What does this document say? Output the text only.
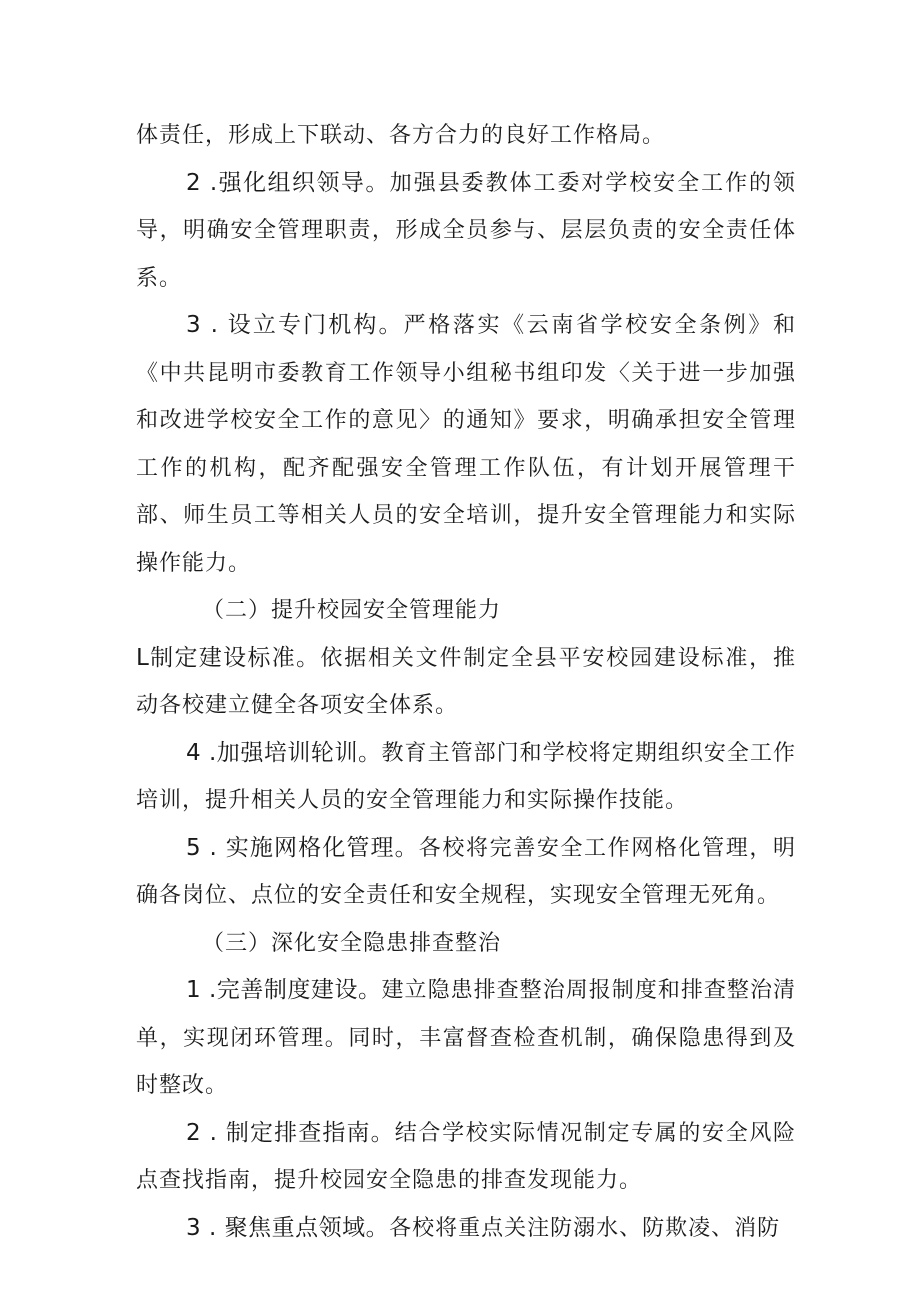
体责任，形成上下联动、各方合力的良好工作格局。

2 .强化组织领导。加强县委教体工委对学校安全工作的领导，明确安全管理职责，形成全员参与、层层负责的安全责任体系。

3 . 设立专门机构。严格落实《云南省学校安全条例》和《中共昆明市委教育工作领导小组秘书组印发〈关于进一步加强和改进学校安全工作的意见〉的通知》要求，明确承担安全管理工作的机构，配齐配强安全管理工作队伍，有计划开展管理干部、师生员工等相关人员的安全培训，提升安全管理能力和实际操作能力。

（二）提升校园安全管理能力

L制定建设标准。依据相关文件制定全县平安校园建设标准，推动各校建立健全各项安全体系。

4 .加强培训轮训。教育主管部门和学校将定期组织安全工作培训，提升相关人员的安全管理能力和实际操作技能。

5 . 实施网格化管理。各校将完善安全工作网格化管理，明确各岗位、点位的安全责任和安全规程，实现安全管理无死角。

（三）深化安全隐患排查整治

1 .完善制度建设。建立隐患排查整治周报制度和排查整治清单，实现闭环管理。同时，丰富督查检查机制，确保隐患得到及时整改。

2 . 制定排查指南。结合学校实际情况制定专属的安全风险点查找指南，提升校园安全隐患的排查发现能力。

3 . 聚焦重点领域。各校将重点关注防溺水、防欺凌、消防
